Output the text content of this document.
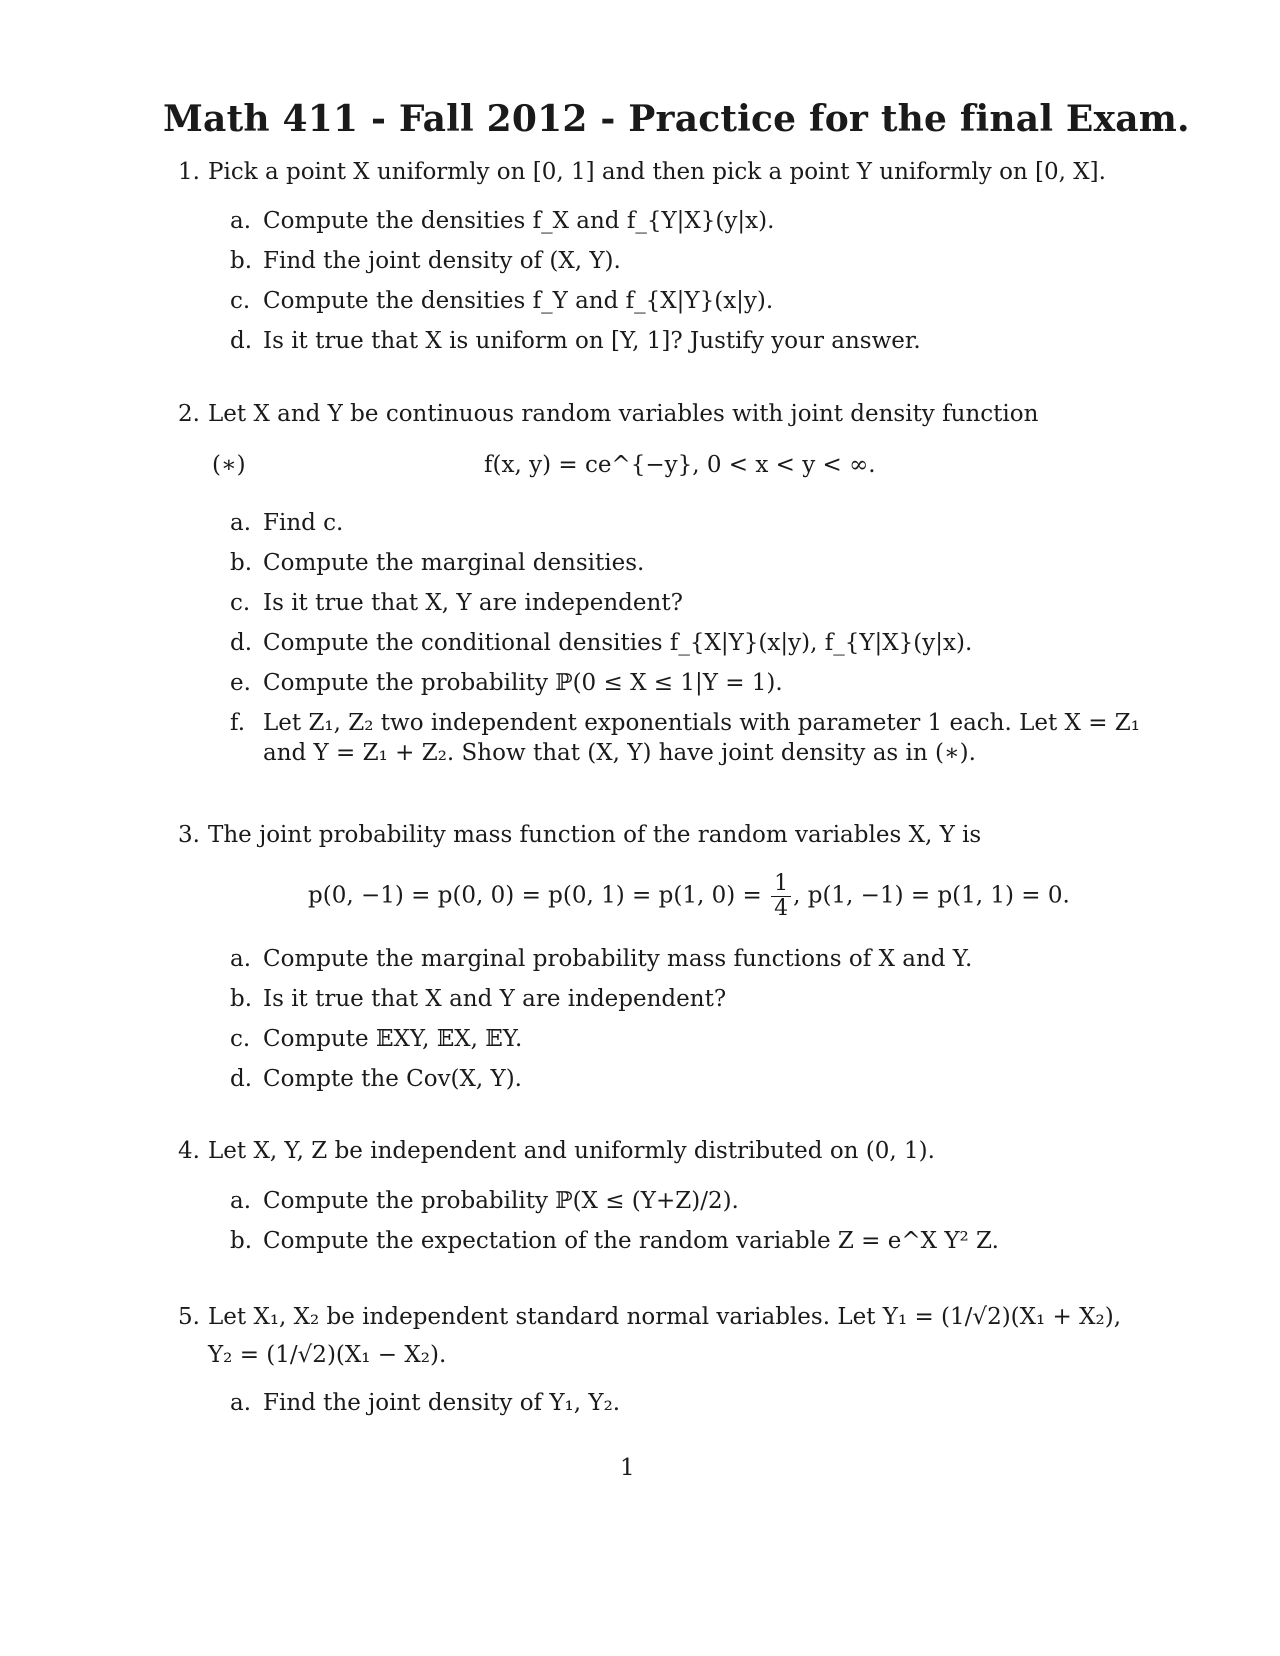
Math 411 - Fall 2012 - Practice for the final Exam.
1. Pick a point X uniformly on [0, 1] and then pick a point Y uniformly on [0, X].
a. Compute the densities f_X and f_{Y|X}(y|x).
b. Find the joint density of (X, Y).
c. Compute the densities f_Y and f_{X|Y}(x|y).
d. Is it true that X is uniform on [Y, 1]? Justify your answer.
2. Let X and Y be continuous random variables with joint density function
(∗)	f(x, y) = ce^{−y}, 0 < x < y < ∞.
a. Find c.
b. Compute the marginal densities.
c. Is it true that X, Y are independent?
d. Compute the conditional densities f_{X|Y}(x|y), f_{Y|X}(y|x).
e. Compute the probability ℙ(0 ≤ X ≤ 1|Y = 1).
f. Let Z₁, Z₂ two independent exponentials with parameter 1 each. Let X = Z₁
and Y = Z₁ + Z₂. Show that (X, Y) have joint density as in (∗).
3. The joint probability mass function of the random variables X, Y is
p(0, −1) = p(0, 0) = p(0, 1) = p(1, $0) = \frac{1}{4}$ , p(1, −1) = p(1, 1) = 0.
a. Compute the marginal probability mass functions of X and Y.
b. Is it true that X and Y are independent?
c. Compute 𝔼XY, 𝔼X, 𝔼Y.
d. Compte the Cov(X, Y).
4. Let X, Y, Z be independent and uniformly distributed on (0, 1).
a. Compute the probability ℙ(X ≤ (Y+Z)/2).
b. Compute the expectation of the random variable Z = e^X Y² Z.
5. Let X₁, X₂ be independent standard normal variables. Let Y₁ = (1/√2)(X₁ + X₂),
Y₂ = (1/√2)(X₁ − X₂).
a. Find the joint density of Y₁, Y₂.
1
